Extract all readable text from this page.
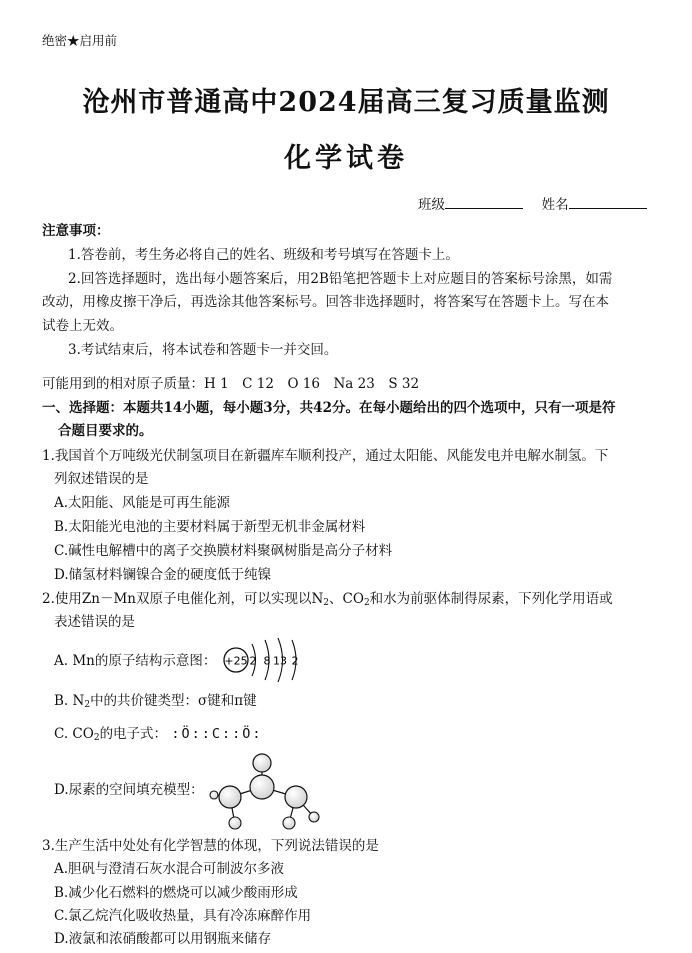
绝密★启用前
沧州市普通高中2024届高三复习质量监测
化学试卷
班级	姓名
注意事项：
1.答卷前，考生务必将自己的姓名、班级和考号填写在答题卡上。
2.回答选择题时，选出每小题答案后，用2B铅笔把答题卡上对应题目的答案标号涂黑，如需
改动，用橡皮擦干净后，再选涂其他答案标号。回答非选择题时，将答案写在答题卡上。写在本
试卷上无效。
3.考试结束后，将本试卷和答题卡一并交回。
可能用到的相对原子质量：H 1　C 12　O 16　Na 23　S 32
一、选择题：本题共14小题，每小题3分，共42分。在每小题给出的四个选项中，只有一项是符
合题目要求的。
1.我国首个万吨级光伏制氢项目在新疆库车顺利投产，通过太阳能、风能发电并电解水制氢。下
列叙述错误的是
A.太阳能、风能是可再生能源
B.太阳能光电池的主要材料属于新型无机非金属材料
C.碱性电解槽中的离子交换膜材料聚砜树脂是高分子材料
D.储氢材料镧镍合金的硬度低于纯镍
2.使用Zn－Mn双原子电催化剂，可以实现以$N_2$、$CO_2$和水为前驱体制得尿素，下列化学用语或
表述错误的是
A. Mn的原子结构示意图： +25 2 8 13 2
B. $N_2$中的共价键类型：σ键和π键
C. $CO_2$的电子式： :Ö::C::Ö:
D.尿素的空间填充模型：
3.生产生活中处处有化学智慧的体现，下列说法错误的是
A.胆矾与澄清石灰水混合可制波尔多液
B.减少化石燃料的燃烧可以减少酸雨形成
C.氯乙烷汽化吸收热量，具有冷冻麻醉作用
D.液氯和浓硝酸都可以用钢瓶来储存
